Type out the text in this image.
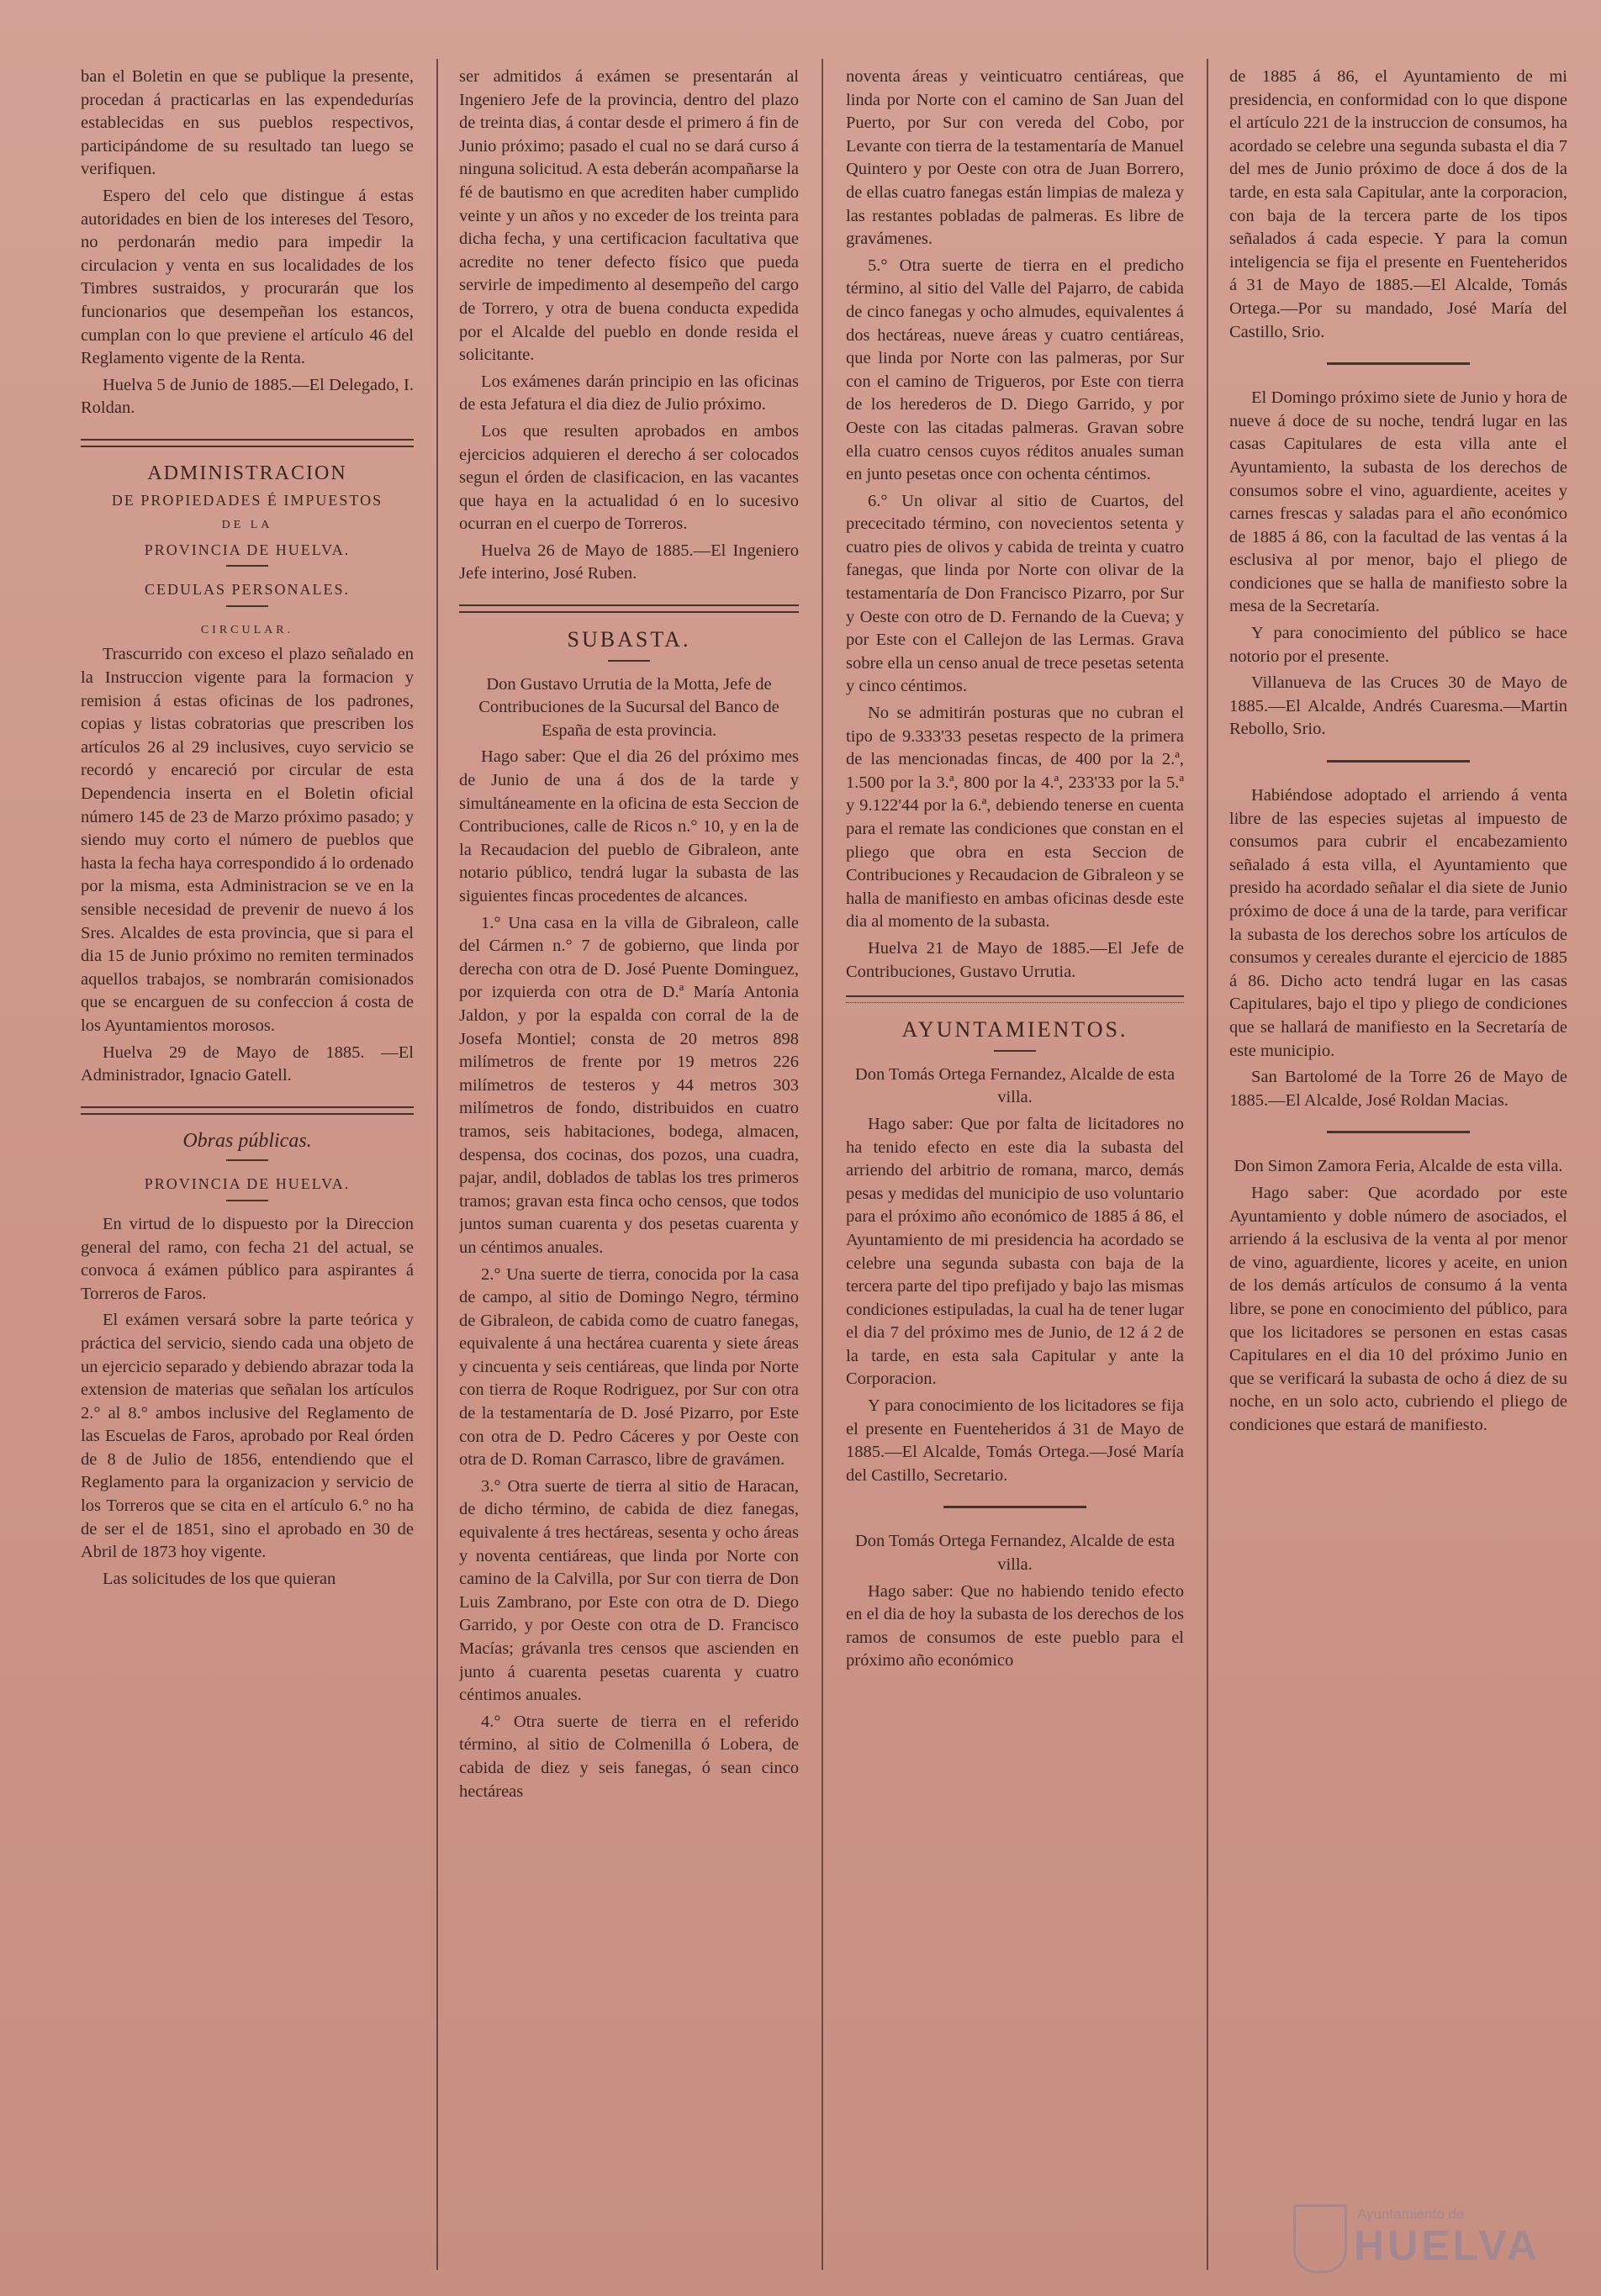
ban el Boletin en que se publique la presente, procedan á practicarlas en las expendedurías establecidas en sus pueblos respectivos, participándome de su resultado tan luego se verifiquen.

Espero del celo que distingue á estas autoridades en bien de los intereses del Tesoro, no perdonarán medio para impedir la circulacion y venta en sus localidades de los Timbres sustraidos, y procurarán que los funcionarios que desempeñan los estancos, cumplan con lo que previene el artículo 46 del Reglamento vigente de la Renta.

Huelva 5 de Junio de 1885.—El Delegado, I. Roldan.

ADMINISTRACION
DE PROPIEDADES É IMPUESTOS
DE LA
PROVINCIA DE HUELVA.
CEDULAS PERSONALES.
CIRCULAR.

Trascurrido con exceso el plazo señalado en la Instruccion vigente para la formacion y remision á estas oficinas de los padrones, copias y listas cobratorias que prescriben los artículos 26 al 29 inclusives, cuyo servicio se recordó y encareció por circular de esta Dependencia inserta en el Boletin oficial número 145 de 23 de Marzo próximo pasado; y siendo muy corto el número de pueblos que hasta la fecha haya correspondido á lo ordenado por la misma, esta Administracion se ve en la sensible necesidad de prevenir de nuevo á los Sres. Alcaldes de esta provincia, que si para el dia 15 de Junio próximo no remiten terminados aquellos trabajos, se nombrarán comisionados que se encarguen de su confeccion á costa de los Ayuntamientos morosos.

Huelva 29 de Mayo de 1885. —El Administrador, Ignacio Gatell.

Obras públicas.
PROVINCIA DE HUELVA.

En virtud de lo dispuesto por la Direccion general del ramo, con fecha 21 del actual, se convoca á exámen público para aspirantes á Torreros de Faros.

El exámen versará sobre la parte teórica y práctica del servicio, siendo cada una objeto de un ejercicio separado y debiendo abrazar toda la extension de materias que señalan los artículos 2.° al 8.° ambos inclusive del Reglamento de las Escuelas de Faros, aprobado por Real órden de 8 de Julio de 1856, entendiendo que el Reglamento para la organizacion y servicio de los Torreros que se cita en el artículo 6.° no ha de ser el de 1851, sino el aprobado en 30 de Abril de 1873 hoy vigente.

Las solicitudes de los que quieran

ser admitidos á exámen se presentarán al Ingeniero Jefe de la provincia, dentro del plazo de treinta dias, á contar desde el primero á fin de Junio próximo; pasado el cual no se dará curso á ninguna solicitud. A esta deberán acompañarse la fé de bautismo en que acrediten haber cumplido veinte y un años y no exceder de los treinta para dicha fecha, y una certificacion facultativa que acredite no tener defecto físico que pueda servirle de impedimento al desempeño del cargo de Torrero, y otra de buena conducta expedida por el Alcalde del pueblo en donde resida el solicitante.

Los exámenes darán principio en las oficinas de esta Jefatura el dia diez de Julio próximo.

Los que resulten aprobados en ambos ejercicios adquieren el derecho á ser colocados segun el órden de clasificacion, en las vacantes que haya en la actualidad ó en lo sucesivo ocurran en el cuerpo de Torreros.

Huelva 26 de Mayo de 1885.—El Ingeniero Jefe interino, José Ruben.

SUBASTA.

Don Gustavo Urrutia de la Motta, Jefe de Contribuciones de la Sucursal del Banco de España de esta provincia.

Hago saber: Que el dia 26 del próximo mes de Junio de una á dos de la tarde y simultáneamente en la oficina de esta Seccion de Contribuciones, calle de Ricos n.° 10, y en la de la Recaudacion del pueblo de Gibraleon, ante notario público, tendrá lugar la subasta de las siguientes fincas procedentes de alcances.

1.° Una casa en la villa de Gibraleon, calle del Cármen n.° 7 de gobierno, que linda por derecha con otra de D. José Puente Dominguez, por izquierda con otra de D.ª María Antonia Jaldon, y por la espalda con corral de la de Josefa Montiel; consta de 20 metros 898 milímetros de frente por 19 metros 226 milímetros de testeros y 44 metros 303 milímetros de fondo, distribuidos en cuatro tramos, seis habitaciones, bodega, almacen, despensa, dos cocinas, dos pozos, una cuadra, pajar, andil, doblados de tablas los tres primeros tramos; gravan esta finca ocho censos, que todos juntos suman cuarenta y dos pesetas cuarenta y un céntimos anuales.

2.° Una suerte de tierra, conocida por la casa de campo, al sitio de Domingo Negro, término de Gibraleon, de cabida como de cuatro fanegas, equivalente á una hectárea cuarenta y siete áreas y cincuenta y seis centiáreas, que linda por Norte con tierra de Roque Rodriguez, por Sur con otra de la testamentaría de D. José Pizarro, por Este con otra de D. Pedro Cáceres y por Oeste con otra de D. Roman Carrasco, libre de gravámen.

3.° Otra suerte de tierra al sitio de Haracan, de dicho término, de cabida de diez fanegas, equivalente á tres hectáreas, sesenta y ocho áreas y noventa centiáreas, que linda por Norte con camino de la Calvilla, por Sur con tierra de Don Luis Zambrano, por Este con otra de D. Diego Garrido, y por Oeste con otra de D. Francisco Macías; grávanla tres censos que ascienden en junto á cuarenta pesetas cuarenta y cuatro céntimos anuales.

4.° Otra suerte de tierra en el referido término, al sitio de Colmenilla ó Lobera, de cabida de diez y seis fanegas, ó sean cinco hectáreas

noventa áreas y veinticuatro centiáreas, que linda por Norte con el camino de San Juan del Puerto, por Sur con vereda del Cobo, por Levante con tierra de la testamentaría de Manuel Quintero y por Oeste con otra de Juan Borrero, de ellas cuatro fanegas están limpias de maleza y las restantes pobladas de palmeras. Es libre de gravámenes.

5.° Otra suerte de tierra en el predicho término, al sitio del Valle del Pajarro, de cabida de cinco fanegas y ocho almudes, equivalentes á dos hectáreas, nueve áreas y cuatro centiáreas, que linda por Norte con las palmeras, por Sur con el camino de Trigueros, por Este con tierra de los herederos de D. Diego Garrido, y por Oeste con las citadas palmeras. Gravan sobre ella cuatro censos cuyos réditos anuales suman en junto pesetas once con ochenta céntimos.

6.° Un olivar al sitio de Cuartos, del prececitado término, con novecientos setenta y cuatro pies de olivos y cabida de treinta y cuatro fanegas, que linda por Norte con olivar de la testamentaría de Don Francisco Pizarro, por Sur y Oeste con otro de D. Fernando de la Cueva; y por Este con el Callejon de las Lermas. Grava sobre ella un censo anual de trece pesetas setenta y cinco céntimos.

No se admitirán posturas que no cubran el tipo de 9.333'33 pesetas respecto de la primera de las mencionadas fincas, de 400 por la 2.ª, 1.500 por la 3.ª, 800 por la 4.ª, 233'33 por la 5.ª y 9.122'44 por la 6.ª, debiendo tenerse en cuenta para el remate las condiciones que constan en el pliego que obra en esta Seccion de Contribuciones y Recaudacion de Gibraleon y se halla de manifiesto en ambas oficinas desde este dia al momento de la subasta.

Huelva 21 de Mayo de 1885.—El Jefe de Contribuciones, Gustavo Urrutia.

AYUNTAMIENTOS.

Don Tomás Ortega Fernandez, Alcalde de esta villa.

Hago saber: Que por falta de licitadores no ha tenido efecto en este dia la subasta del arriendo del arbitrio de romana, marco, demás pesas y medidas del municipio de uso voluntario para el próximo año económico de 1885 á 86, el Ayuntamiento de mi presidencia ha acordado se celebre una segunda subasta con baja de la tercera parte del tipo prefijado y bajo las mismas condiciones estipuladas, la cual ha de tener lugar el dia 7 del próximo mes de Junio, de 12 á 2 de la tarde, en esta sala Capitular y ante la Corporacion.

Y para conocimiento de los licitadores se fija el presente en Fuenteheridos á 31 de Mayo de 1885.—El Alcalde, Tomás Ortega.—José María del Castillo, Secretario.

Don Tomás Ortega Fernandez, Alcalde de esta villa.

Hago saber: Que no habiendo tenido efecto en el dia de hoy la subasta de los derechos de los ramos de consumos de este pueblo para el próximo año económico

de 1885 á 86, el Ayuntamiento de mi presidencia, en conformidad con lo que dispone el artículo 221 de la instruccion de consumos, ha acordado se celebre una segunda subasta el dia 7 del mes de Junio próximo de doce á dos de la tarde, en esta sala Capitular, ante la corporacion, con baja de la tercera parte de los tipos señalados á cada especie. Y para la comun inteligencia se fija el presente en Fuenteheridos á 31 de Mayo de 1885.—El Alcalde, Tomás Ortega.—Por su mandado, José María del Castillo, Srio.

El Domingo próximo siete de Junio y hora de nueve á doce de su noche, tendrá lugar en las casas Capitulares de esta villa ante el Ayuntamiento, la subasta de los derechos de consumos sobre el vino, aguardiente, aceites y carnes frescas y saladas para el año económico de 1885 á 86, con la facultad de las ventas á la esclusiva al por menor, bajo el pliego de condiciones que se halla de manifiesto sobre la mesa de la Secretaría.

Y para conocimiento del público se hace notorio por el presente.

Villanueva de las Cruces 30 de Mayo de 1885.—El Alcalde, Andrés Cuaresma.—Martin Rebollo, Srio.

Habiéndose adoptado el arriendo á venta libre de las especies sujetas al impuesto de consumos para cubrir el encabezamiento señalado á esta villa, el Ayuntamiento que presido ha acordado señalar el dia siete de Junio próximo de doce á una de la tarde, para verificar la subasta de los derechos sobre los artículos de consumos y cereales durante el ejercicio de 1885 á 86. Dicho acto tendrá lugar en las casas Capitulares, bajo el tipo y pliego de condiciones que se hallará de manifiesto en la Secretaría de este municipio.

San Bartolomé de la Torre 26 de Mayo de 1885.—El Alcalde, José Roldan Macias.

Don Simon Zamora Feria, Alcalde de esta villa.

Hago saber: Que acordado por este Ayuntamiento y doble número de asociados, el arriendo á la esclusiva de la venta al por menor de vino, aguardiente, licores y aceite, en union de los demás artículos de consumo á la venta libre, se pone en conocimiento del público, para que los licitadores se personen en estas casas Capitulares en el dia 10 del próximo Junio en que se verificará la subasta de ocho á diez de su noche, en un solo acto, cubriendo el pliego de condiciones que estará de manifiesto.

Ayuntamiento de
HUELVA
